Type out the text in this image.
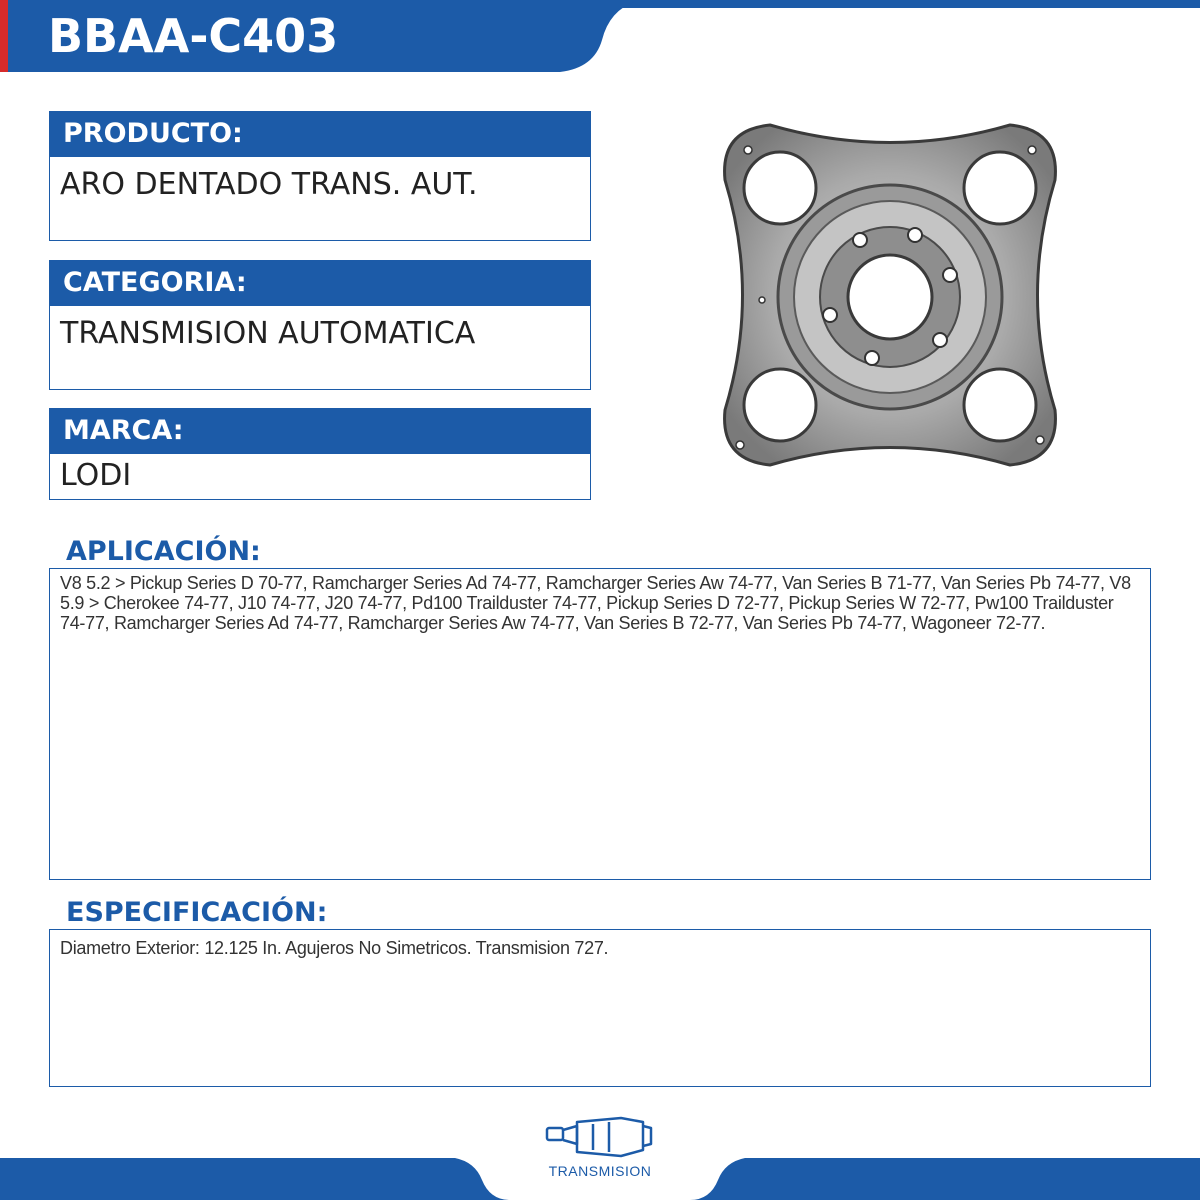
BBAA-C403
PRODUCTO:
ARO DENTADO TRANS. AUT.
CATEGORIA:
TRANSMISION AUTOMATICA
MARCA:
LODI
APLICACIÓN:
V8 5.2 > Pickup Series D 70-77, Ramcharger Series Ad 74-77, Ramcharger Series Aw 74-77, Van Series B 71-77, Van Series Pb 74-77, V8 5.9 > Cherokee 74-77, J10 74-77, J20 74-77, Pd100 Trailduster 74-77, Pickup Series D 72-77, Pickup Series W 72-77, Pw100 Trailduster 74-77, Ramcharger Series Ad 74-77, Ramcharger Series Aw 74-77, Van Series B 72-77, Van Series Pb 74-77, Wagoneer 72-77.
ESPECIFICACIÓN:
Diametro Exterior: 12.125 In. Agujeros No Simetricos. Transmision 727.
TRANSMISION
